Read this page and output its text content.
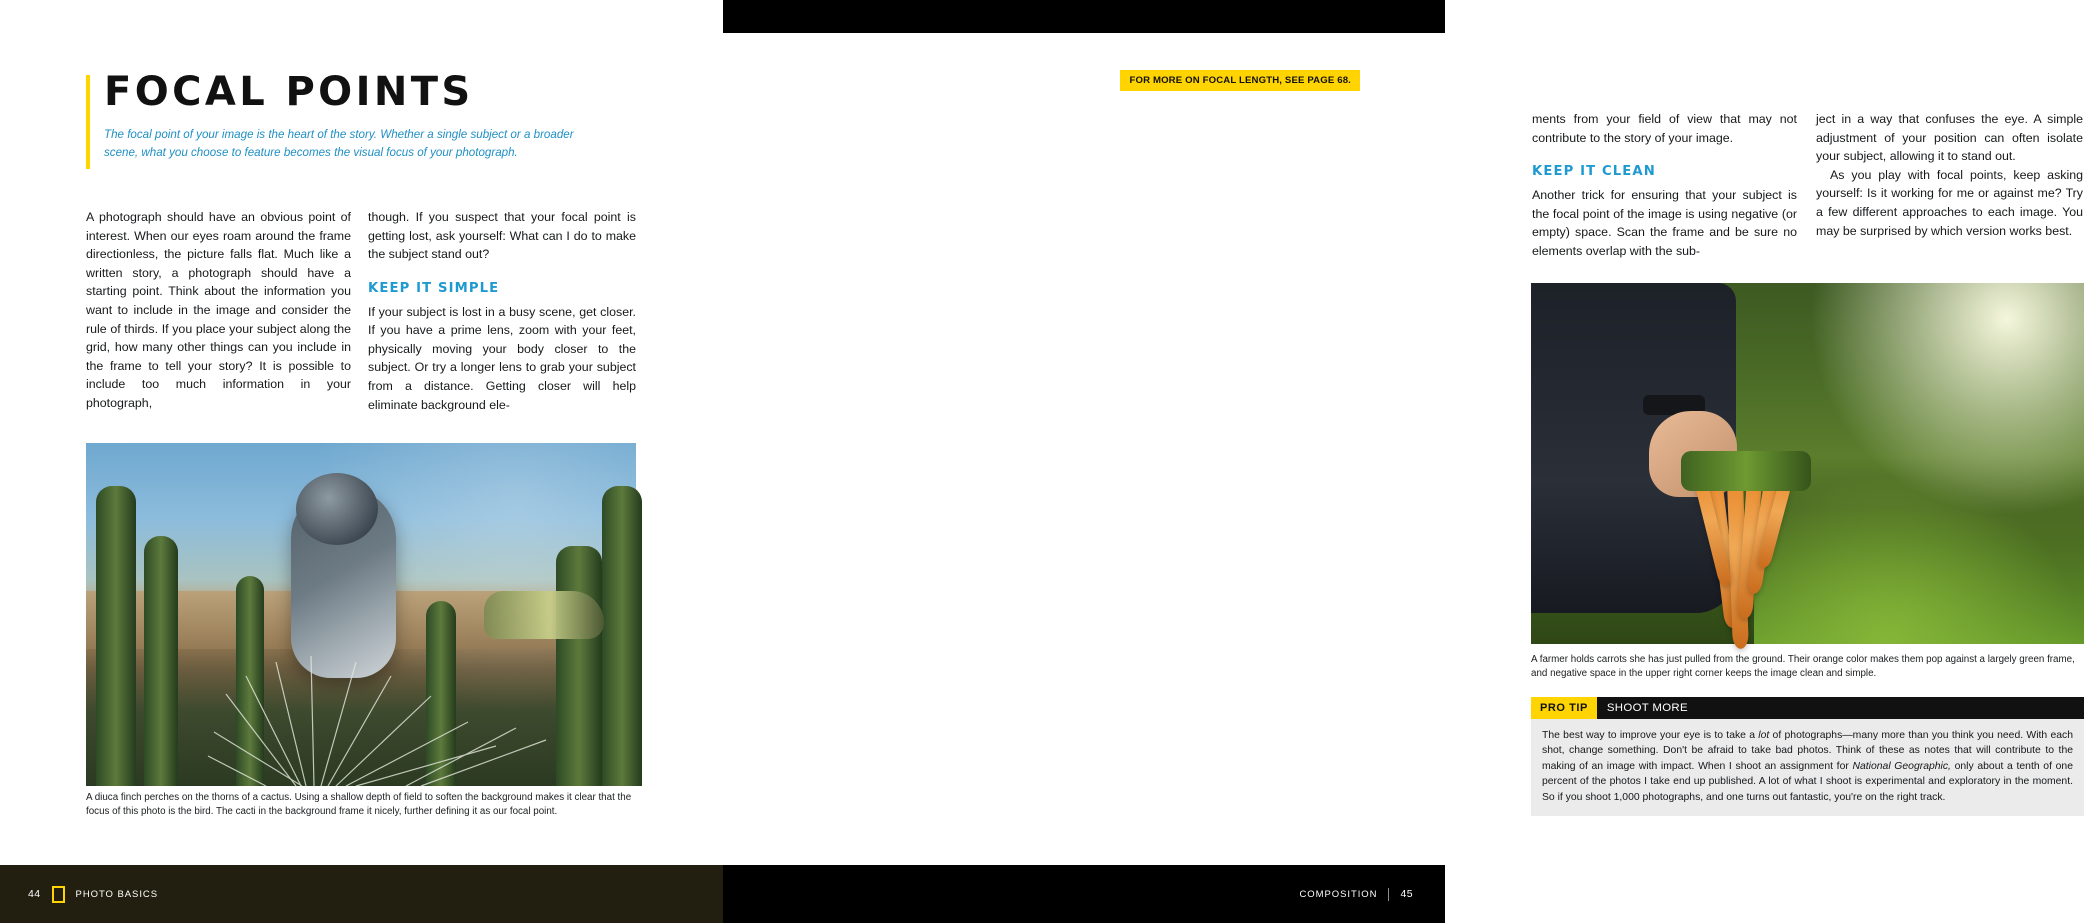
FOCAL POINTS
The focal point of your image is the heart of the story. Whether a single subject or a broader scene, what you choose to feature becomes the visual focus of your photograph.

A photograph should have an obvious point of interest. When our eyes roam around the frame directionless, the picture falls flat. Much like a written story, a photograph should have a starting point. Think about the information you want to include in the image and consider the rule of thirds. If you place your subject along the grid, how many other things can you include in the frame to tell your story? It is possible to include too much information in your photograph,

though. If you suspect that your focal point is getting lost, ask yourself: What can I do to make the subject stand out?

KEEP IT SIMPLE

If your subject is lost in a busy scene, get closer. If you have a prime lens, zoom with your feet, physically moving your body closer to the subject. Or try a longer lens to grab your subject from a distance. Getting closer will help eliminate background ele-

A diuca finch perches on the thorns of a cactus. Using a shallow depth of field to soften the background makes it clear that the focus of this photo is the bird. The cacti in the background frame it nicely, further defining it as our focal point.
FOR MORE ON FOCAL LENGTH, SEE PAGE 68.

ments from your field of view that may not contribute to the story of your image.

KEEP IT CLEAN

Another trick for ensuring that your subject is the focal point of the image is using negative (or empty) space. Scan the frame and be sure no elements overlap with the sub-

ject in a way that confuses the eye. A simple adjustment of your position can often isolate your subject, allowing it to stand out.

As you play with focal points, keep asking yourself: Is it working for me or against me? Try a few different approaches to each image. You may be surprised by which version works best.

A farmer holds carrots she has just pulled from the ground. Their orange color makes them pop against a largely green frame, and negative space in the upper right corner keeps the image clean and simple.
PRO TIP	SHOOT MORE
The best way to improve your eye is to take a lot of photographs—many more than you think you need. With each shot, change something. Don't be afraid to take bad photos. Think of these as notes that will contribute to the making of an image with impact. When I shoot an assignment for National Geographic, only about a tenth of one percent of the photos I take end up published. A lot of what I shoot is experimental and exploratory in the moment. So if you shoot 1,000 photographs, and one turns out fantastic, you're on the right track.
44	PHOTO BASICS	COMPOSITION 45
